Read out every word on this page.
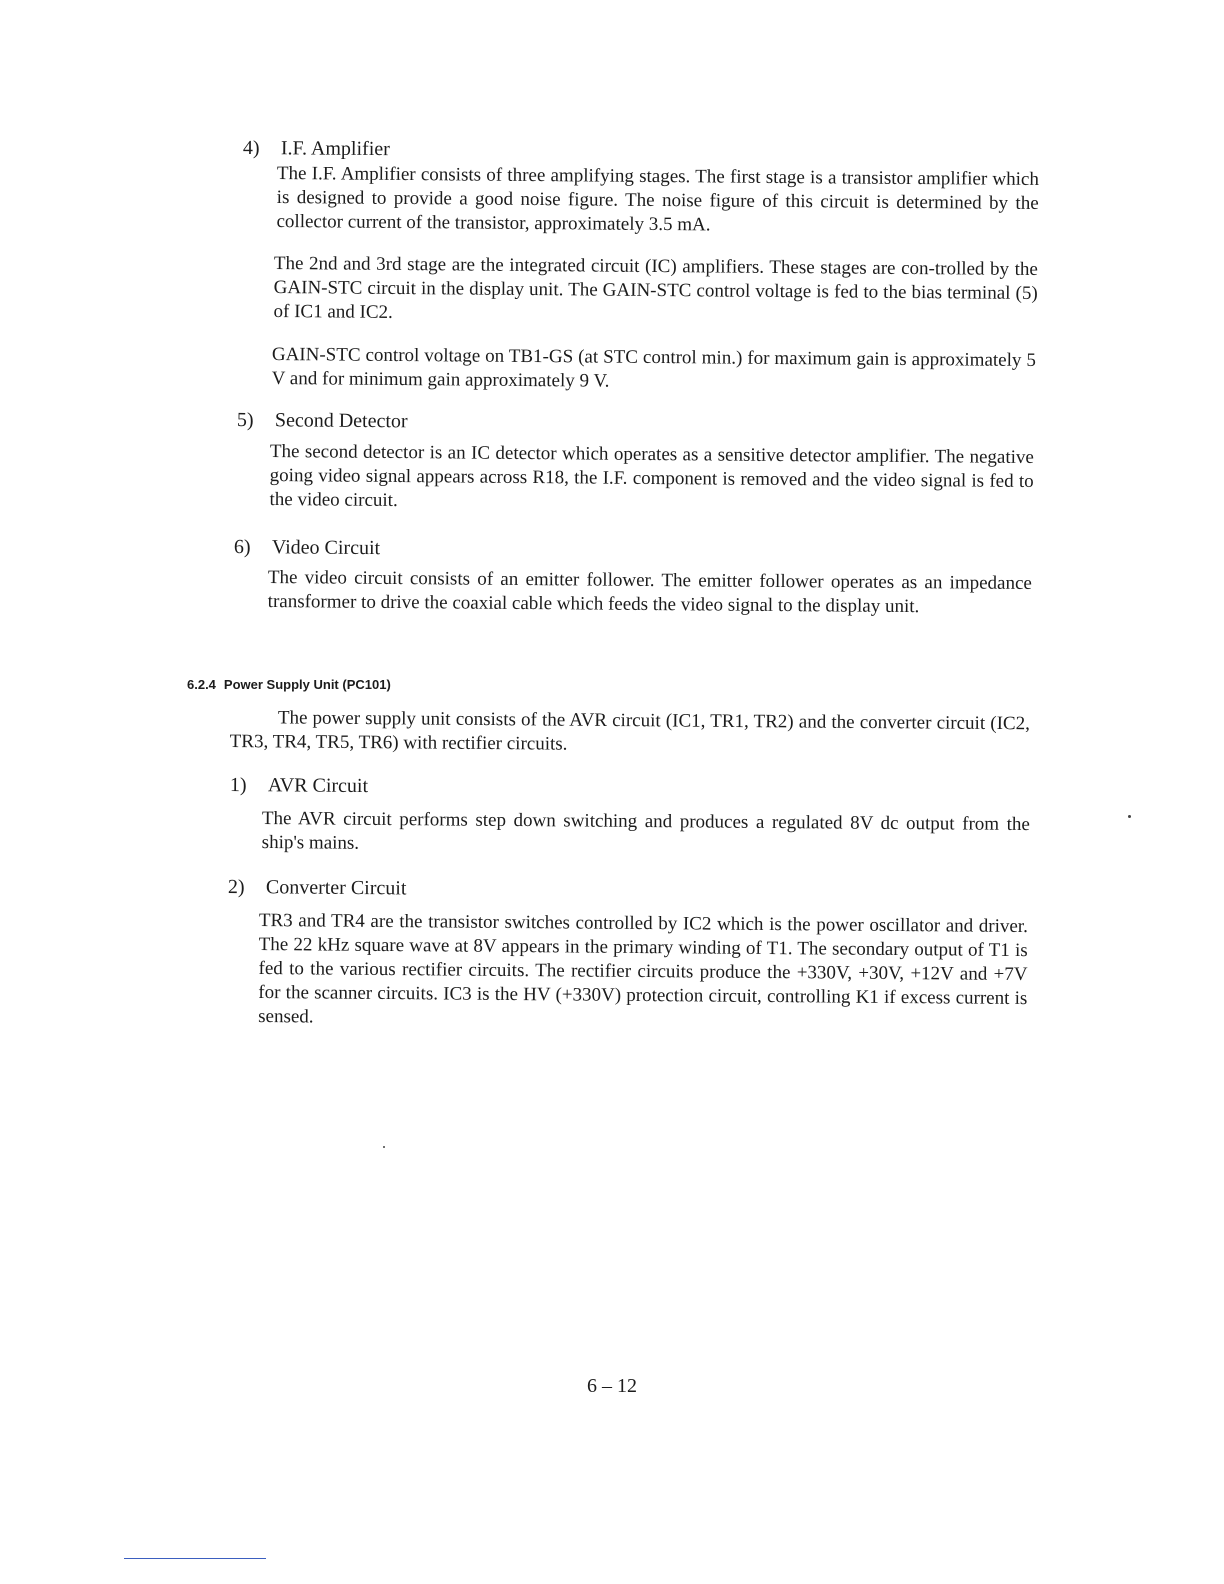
4) I.F. Amplifier

The I.F. Amplifier consists of three amplifying stages. The first stage is a transistor amplifier which is designed to provide a good noise figure. The noise figure of this circuit is determined by the collector current of the transistor, approximately 3.5 mA.

The 2nd and 3rd stage are the integrated circuit (IC) amplifiers. These stages are con-trolled by the GAIN-STC circuit in the display unit. The GAIN-STC control voltage is fed to the bias terminal (5) of IC1 and IC2.

GAIN-STC control voltage on TB1-GS (at STC control min.) for maximum gain is approximately 5 V and for minimum gain approximately 9 V.

5) Second Detector

The second detector is an IC detector which operates as a sensitive detector amplifier. The negative going video signal appears across R18, the I.F. component is removed and the video signal is fed to the video circuit.

6) Video Circuit

The video circuit consists of an emitter follower. The emitter follower operates as an impedance transformer to drive the coaxial cable which feeds the video signal to the display unit.

6.2.4 Power Supply Unit (PC101)

The power supply unit consists of the AVR circuit (IC1, TR1, TR2) and the converter circuit (IC2, TR3, TR4, TR5, TR6) with rectifier circuits.

1) AVR Circuit

The AVR circuit performs step down switching and produces a regulated 8V dc output from the ship's mains.

2) Converter Circuit

TR3 and TR4 are the transistor switches controlled by IC2 which is the power oscillator and driver. The 22 kHz square wave at 8V appears in the primary winding of T1. The secondary output of T1 is fed to the various rectifier circuits. The rectifier circuits produce the +330V, +30V, +12V and +7V for the scanner circuits. IC3 is the HV (+330V) protection circuit, controlling K1 if excess current is sensed.

6 – 12
